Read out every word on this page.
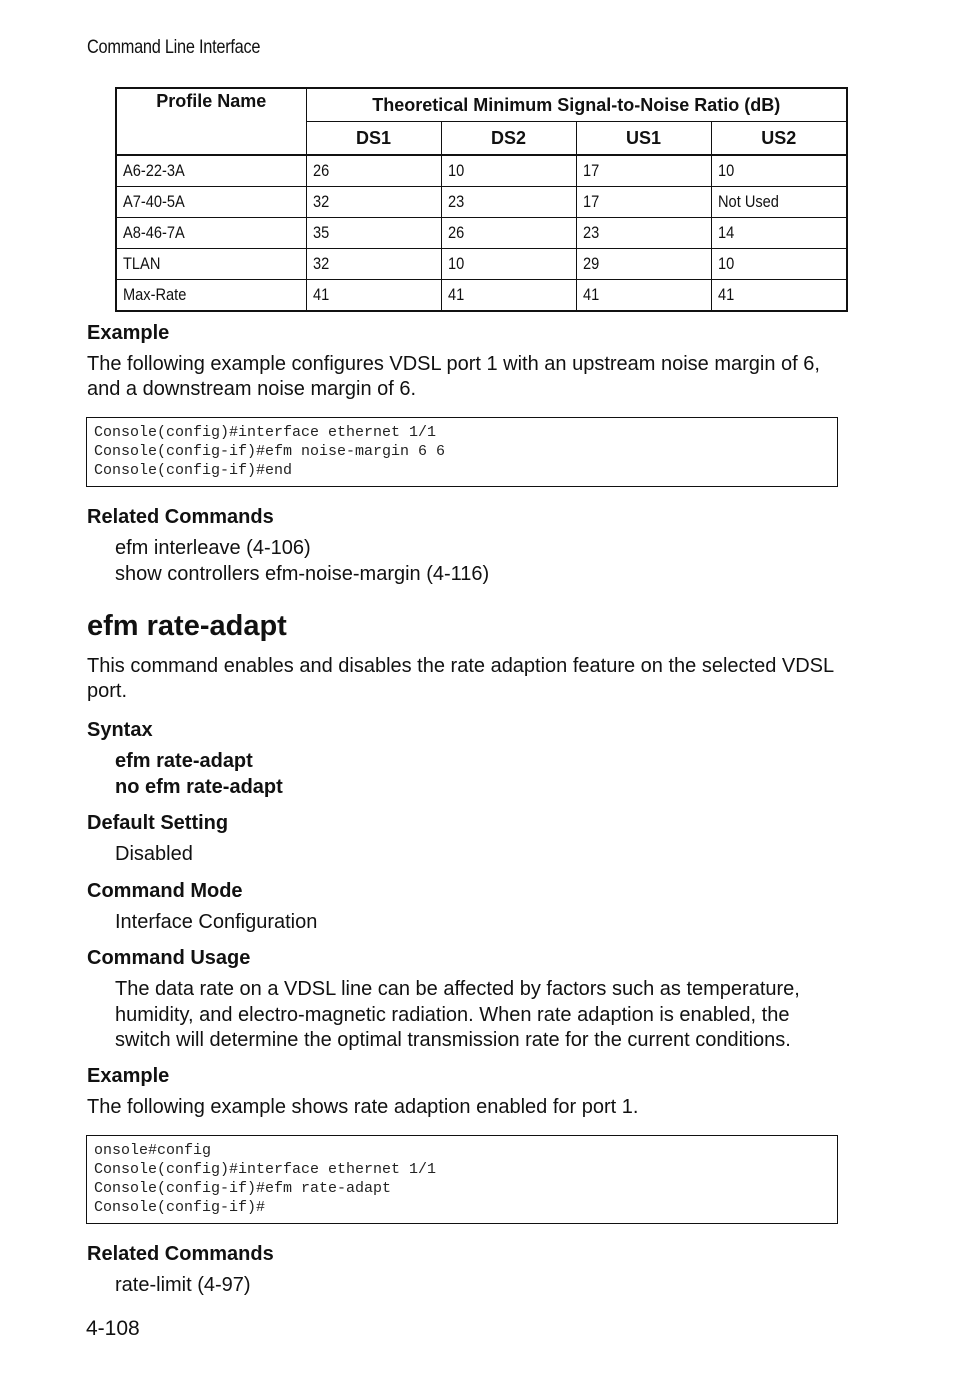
Command Line Interface
Profile Name	Theoretical Minimum Signal-to-Noise Ratio (dB)			
	DS1	DS2	US1	US2
A6-22-3A	26	10	17	10
A7-40-5A	32	23	17	Not Used
A8-46-7A	35	26	23	14
TLAN	32	10	29	10
Max-Rate	41	41	41	41
Example
The following example configures VDSL port 1 with an upstream noise margin of 6, and a downstream noise margin of 6.
Console(config)#interface ethernet 1/1
Console(config-if)#efm noise-margin 6 6
Console(config-if)#end
Related Commands
efm interleave (4-106)
show controllers efm-noise-margin (4-116)
efm rate-adapt
This command enables and disables the rate adaption feature on the selected VDSL port.
Syntax
efm rate-adapt
no efm rate-adapt
Default Setting
Disabled
Command Mode
Interface Configuration
Command Usage
The data rate on a VDSL line can be affected by factors such as temperature, humidity, and electro-magnetic radiation. When rate adaption is enabled, the switch will determine the optimal transmission rate for the current conditions.
Example
The following example shows rate adaption enabled for port 1.
onsole#config
Console(config)#interface ethernet 1/1
Console(config-if)#efm rate-adapt
Console(config-if)#
Related Commands
rate-limit (4-97)
4-108
